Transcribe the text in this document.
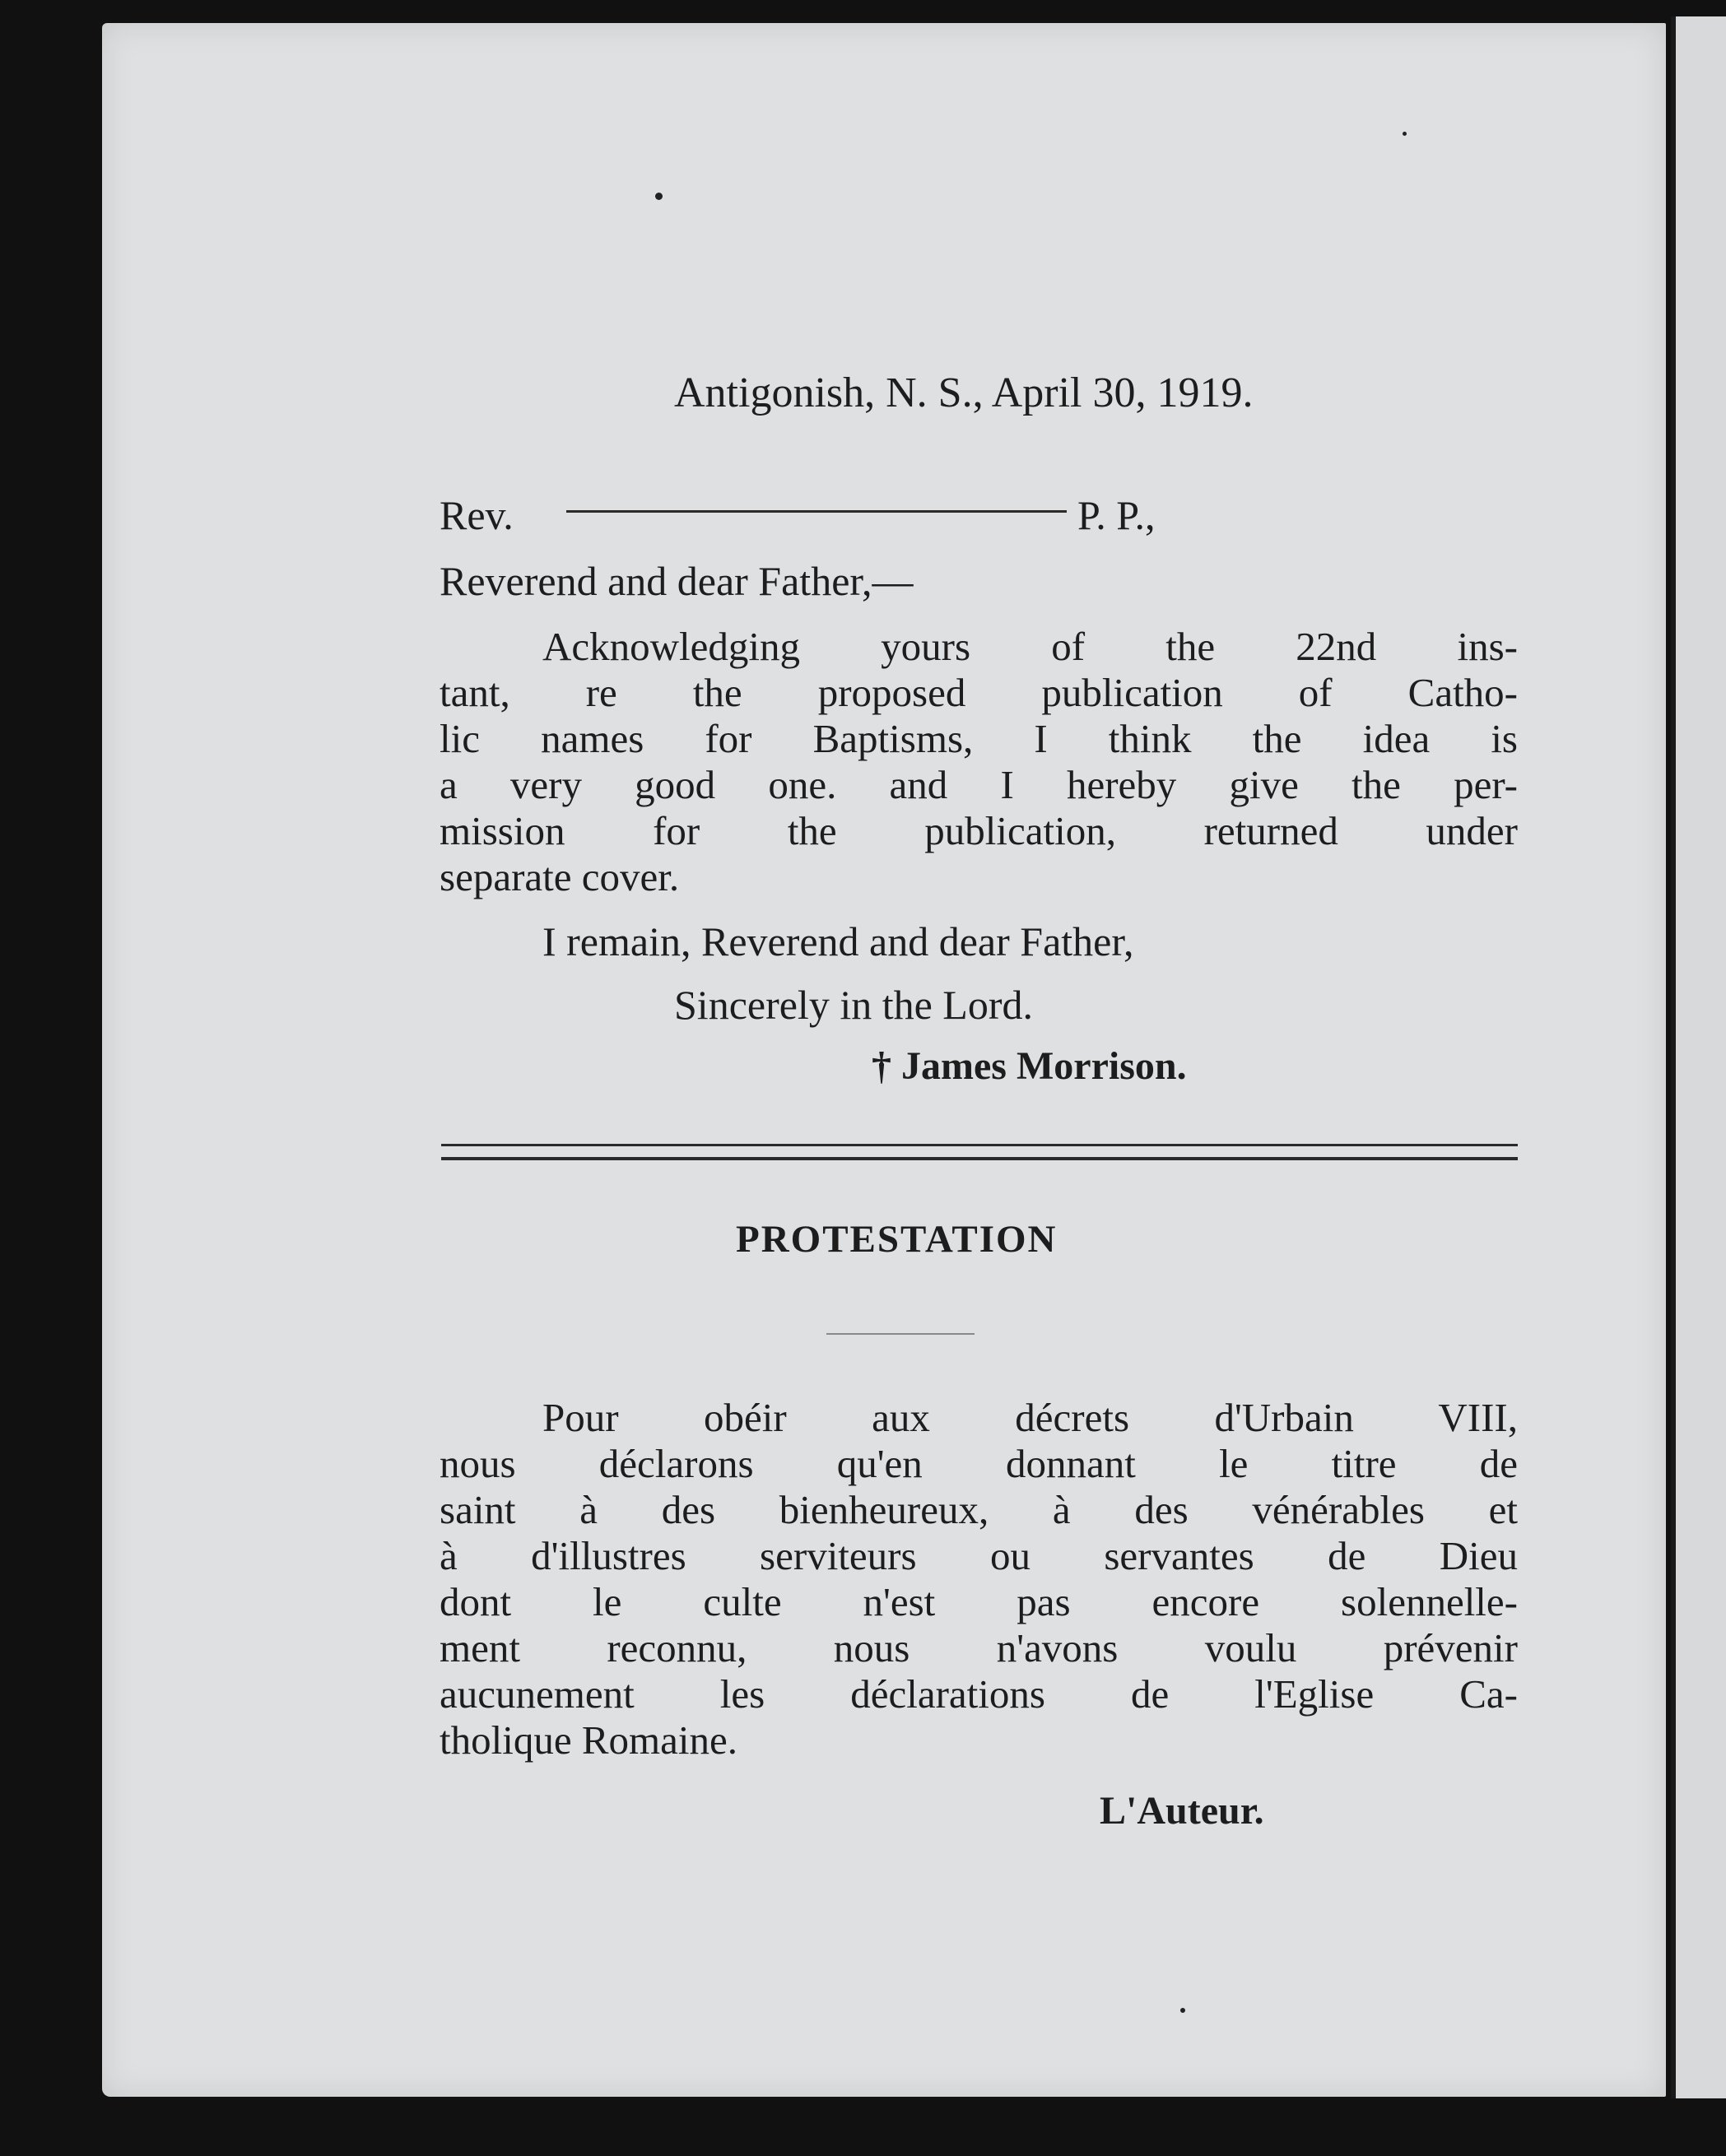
Antigonish, N. S., April 30, 1919.
Rev.	P. P.,
Reverend and dear Father,—
Acknowledging yours of the 22nd ins-
tant, re the proposed publication of Catho-
lic names for Baptisms, I think the idea is
a very good one. and I hereby give the per-
mission for the publication, returned under
separate cover.
I remain, Reverend and dear Father,
Sincerely in the Lord.
† James Morrison.
PROTESTATION
Pour obéir aux décrets d'Urbain VIII,
nous déclarons qu'en donnant le titre de
saint à des bienheureux, à des vénérables et
à d'illustres serviteurs ou servantes de Dieu
dont le culte n'est pas encore solennelle-
ment reconnu, nous n'avons voulu prévenir
aucunement les déclarations de l'Eglise Ca-
tholique Romaine.
L'Auteur.
